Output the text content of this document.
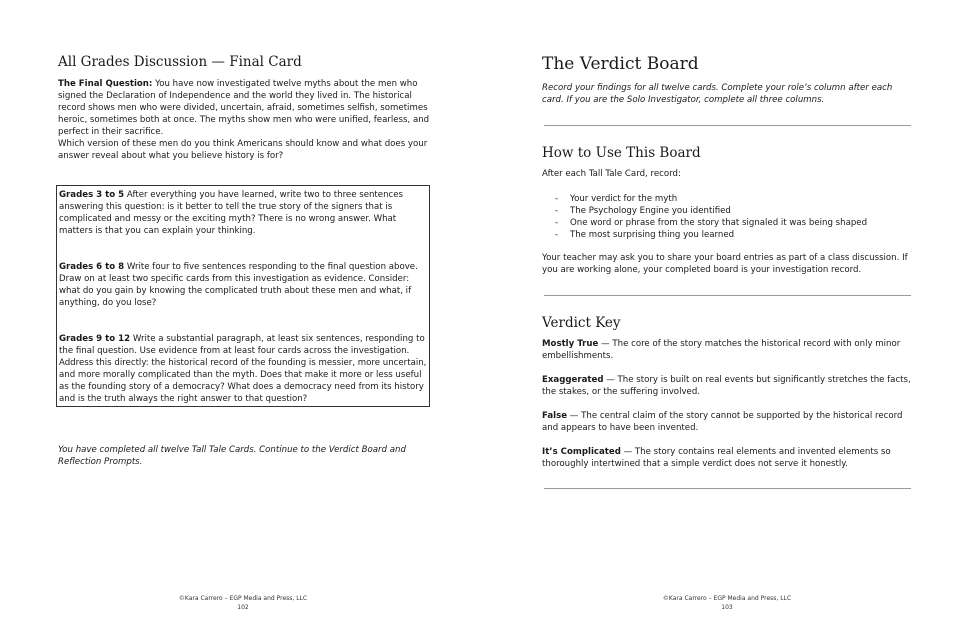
All Grades Discussion — Final Card

The Final Question: You have now investigated twelve myths about the men who signed the Declaration of Independence and the world they lived in. The historical record shows men who were divided, uncertain, afraid, sometimes selfish, sometimes heroic, sometimes both at once. The myths show men who were unified, fearless, and perfect in their sacrifice.

Which version of these men do you think Americans should know and what does your answer reveal about what you believe history is for?

Grades 3 to 5 After everything you have learned, write two to three sentences answering this question: is it better to tell the true story of the signers that is complicated and messy or the exciting myth? There is no wrong answer. What matters is that you can explain your thinking.

Grades 6 to 8 Write four to five sentences responding to the final question above. Draw on at least two specific cards from this investigation as evidence. Consider: what do you gain by knowing the complicated truth about these men and what, if anything, do you lose?

Grades 9 to 12 Write a substantial paragraph, at least six sentences, responding to the final question. Use evidence from at least four cards across the investigation. Address this directly: the historical record of the founding is messier, more uncertain, and more morally complicated than the myth. Does that make it more or less useful as the founding story of a democracy? What does a democracy need from its history and is the truth always the right answer to that question?

You have completed all twelve Tall Tale Cards. Continue to the Verdict Board and Reflection Prompts.

©Kara Carrero – EGP Media and Press, LLC
102
The Verdict Board

Record your findings for all twelve cards. Complete your role’s column after each card. If you are the Solo Investigator, complete all three columns.

How to Use This Board

After each Tall Tale Card, record:

- Your verdict for the myth
- The Psychology Engine you identified
- One word or phrase from the story that signaled it was being shaped
- The most surprising thing you learned

Your teacher may ask you to share your board entries as part of a class discussion. If you are working alone, your completed board is your investigation record.

Verdict Key

Mostly True — The core of the story matches the historical record with only minor embellishments.

Exaggerated — The story is built on real events but significantly stretches the facts, the stakes, or the suffering involved.

False — The central claim of the story cannot be supported by the historical record and appears to have been invented.

It’s Complicated — The story contains real elements and invented elements so thoroughly intertwined that a simple verdict does not serve it honestly.

©Kara Carrero – EGP Media and Press, LLC
103
